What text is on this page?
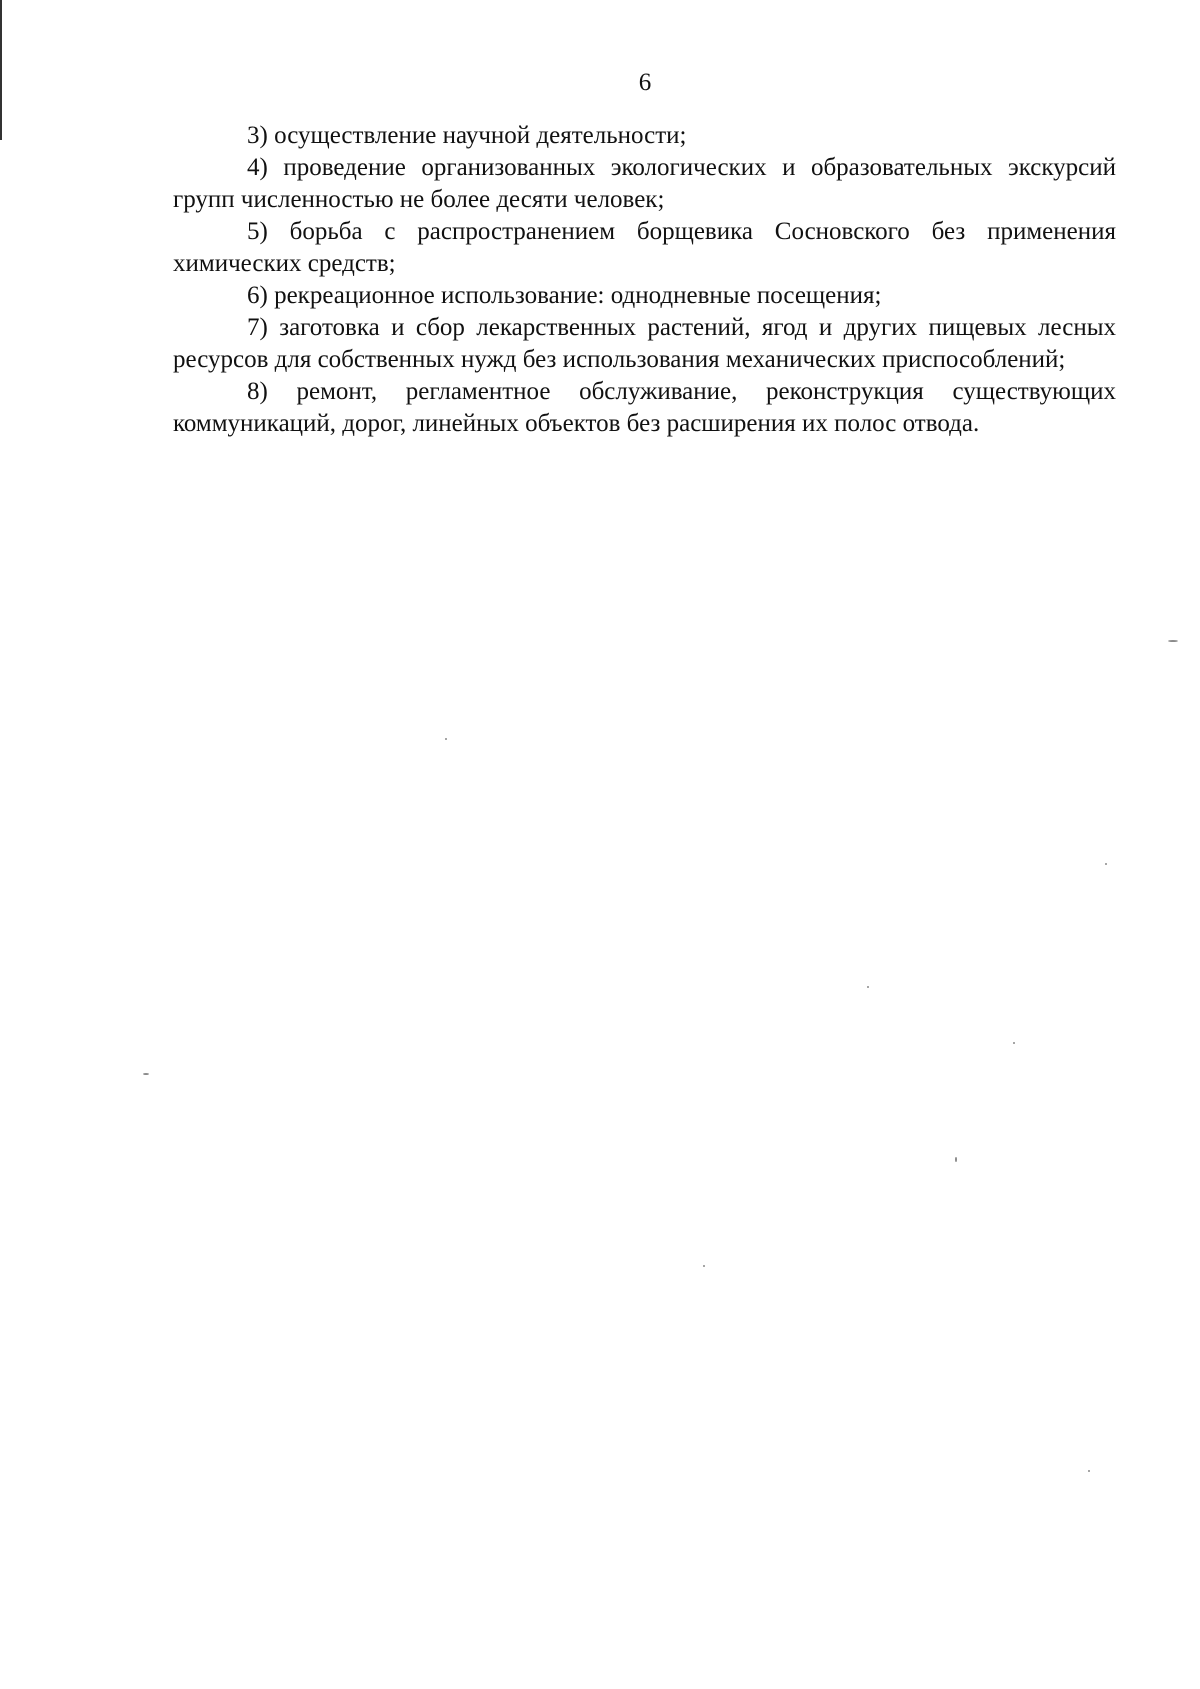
6

3) осуществление научной деятельности;

4) проведение организованных экологических и образовательных экскурсий групп численностью не более десяти человек;

5) борьба с распространением борщевика Сосновского без применения химических средств;

6) рекреационное использование: однодневные посещения;

7) заготовка и сбор лекарственных растений, ягод и других пищевых лесных ресурсов для собственных нужд без использования механических приспособлений;

8) ремонт, регламентное обслуживание, реконструкция существующих коммуникаций, дорог, линейных объектов без расширения их полос отвода.
